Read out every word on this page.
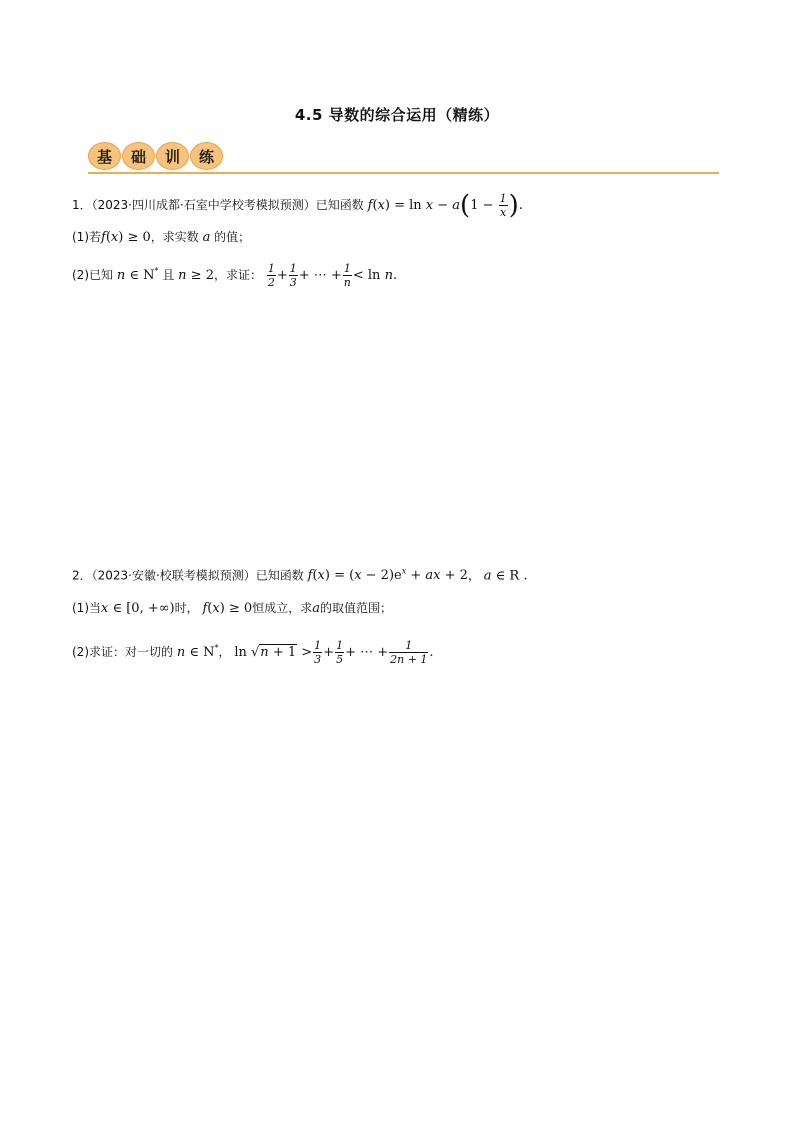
4.5 导数的综合运用（精练）
基	础	训	练
1．（2023·四川成都·石室中学校考模拟预测）已知函数 $f(x) = \ln x - a(1 - \frac{1}{x}$ ).
(1)若f(x) ≥ 0，求实数 a 的值；
(2)已知 n ∈ N* 且 n ≥ 2，求证： $\frac{1}{2} + \frac{1}{3}$ + ⋯ + $\frac{1}{n} < \ln n$.
2．（2023·安徽·校联考模拟预测）已知函数 $f(x) = (x - 2)e^x$ + ax + 2， a ∈ R .
(1)当x ∈ [0, +∞)时， f(x) ≥ 0恒成立，求a的取值范围；
(2)求证：对一切的 n ∈ N*， $\ln √n + 1 > \frac{1}{3} + \frac{1}{5}$ + ⋯ + $\frac{1}{2n + 1}$ .
